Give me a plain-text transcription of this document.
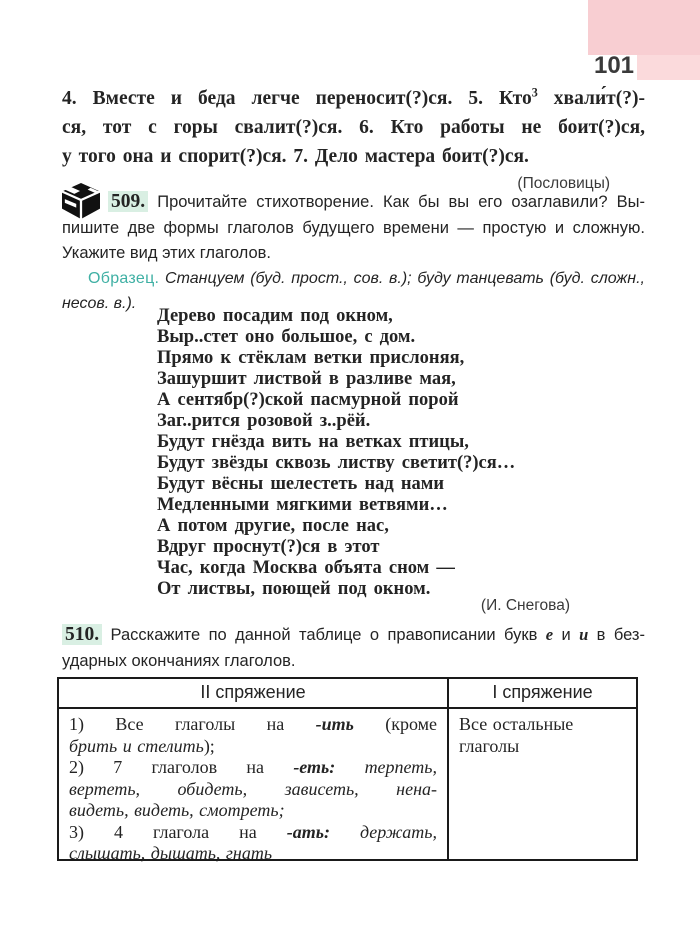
101
4. Вместе и беда легче переносит(?)ся. 5. Кто$^3$ хвали́т(?)-
ся, тот с горы свалит(?)ся. 6. Кто работы не боит(?)ся,
у того она и спорит(?)ся. 7. Дело мастера боит(?)ся.
(Пословицы)
509. Прочитайте стихотворение. Как бы вы его озаглавили? Вы-
пишите две формы глаголов будущего времени — простую и сложную.
Укажите вид этих глаголов.
Образец. Станцуем (буд. прост., сов. в.); буду танцевать (буд. сложн.,
несов. в.).
Дерево посадим под окном,
Выр..стет оно большое, с дом.
Прямо к стёклам ветки прислоняя,
Зашуршит листвой в разливе мая,
А сентябр(?)ской пасмурной порой
Заг..рится розовой з..рёй.
Будут гнёзда вить на ветках птицы,
Будут звёзды сквозь листву светит(?)ся…
Будут вёсны шелестеть над нами
Медленными мягкими ветвями…
А потом другие, после нас,
Вдруг проснут(?)ся в этот
Час, когда Москва объята сном —
От листвы, поющей под окном.
(И. Снегова)
510. Расскажите по данной таблице о правописании букв е и и в без-
ударных окончаниях глаголов.
II спряжение	I спряжение
1) Все глаголы на -ить (кроме
брить и стелить);
2) 7 глаголов на -еть: терпеть,
вертеть, обидеть, зависеть, нена-
видеть, видеть, смотреть;
3) 4 глагола на -ать: держать,
слышать, дышать, гнать
Все остальные
глаголы
